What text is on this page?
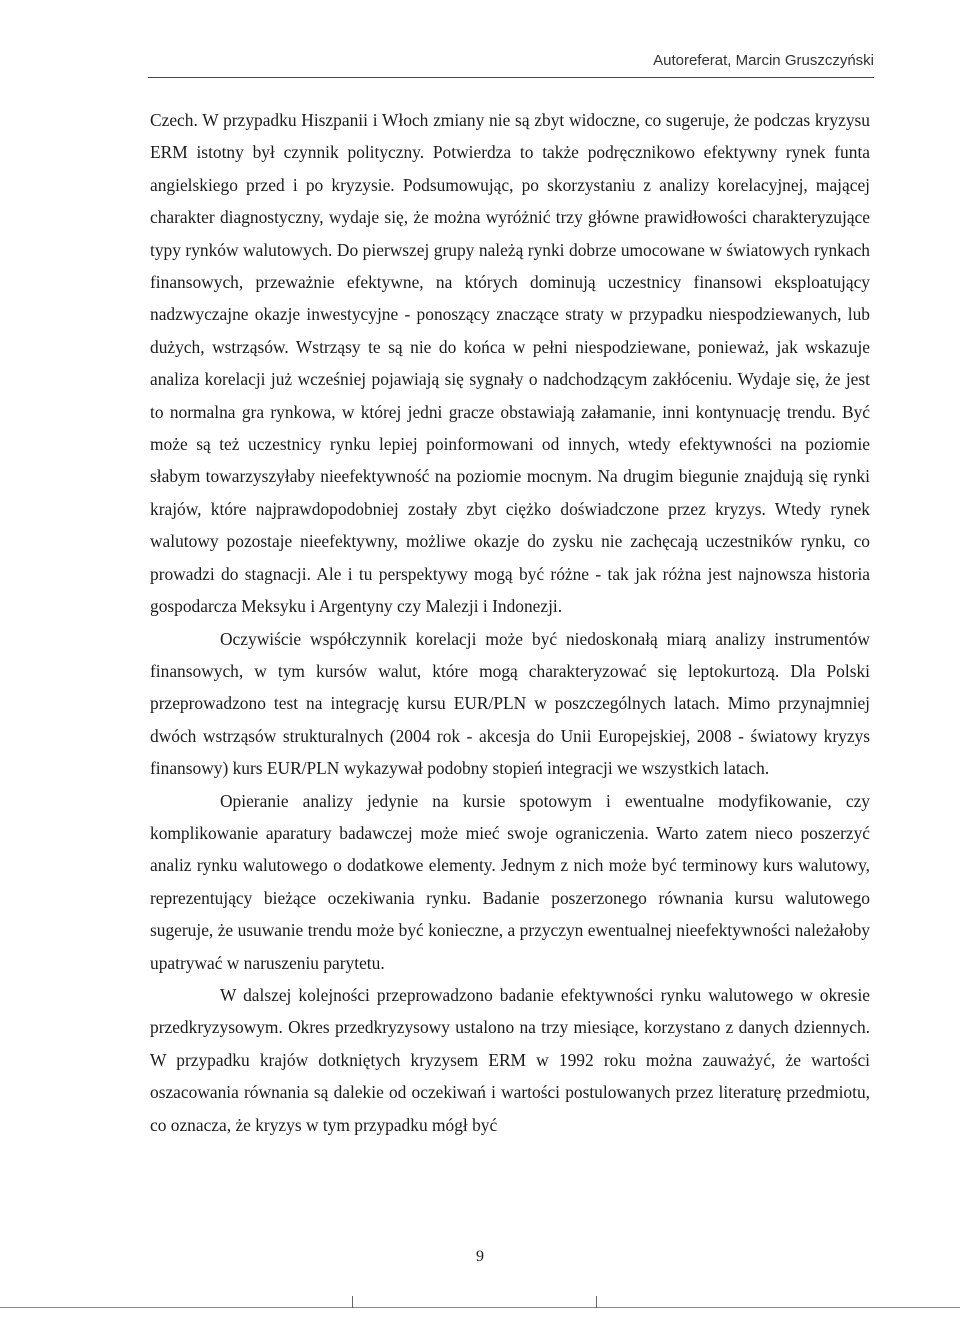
Autoreferat, Marcin Gruszczyński

Czech. W przypadku Hiszpanii i Włoch zmiany nie są zbyt widoczne, co sugeruje, że podczas kryzysu ERM istotny był czynnik polityczny. Potwierdza to także podręcznikowo efektywny rynek funta angielskiego przed i po kryzysie. Podsumowując, po skorzystaniu z analizy korelacyjnej, mającej charakter diagnostyczny, wydaje się, że można wyróżnić trzy główne prawidłowości charakteryzujące typy rynków walutowych. Do pierwszej grupy należą rynki dobrze umocowane w światowych rynkach finansowych, przeważnie efektywne, na których dominują uczestnicy finansowi eksploatujący nadzwyczajne okazje inwestycyjne - ponoszący znaczące straty w przypadku niespodziewanych, lub dużych, wstrząsów. Wstrząsy te są nie do końca w pełni niespodziewane, ponieważ, jak wskazuje analiza korelacji już wcześniej pojawiają się sygnały o nadchodzącym zakłóceniu. Wydaje się, że jest to normalna gra rynkowa, w której jedni gracze obstawiają załamanie, inni kontynuację trendu. Być może są też uczestnicy rynku lepiej poinformowani od innych, wtedy efektywności na poziomie słabym towarzyszyłaby nieefektywność na poziomie mocnym. Na drugim biegunie znajdują się rynki krajów, które najprawdopodobniej zostały zbyt ciężko doświadczone przez kryzys. Wtedy rynek walutowy pozostaje nieefektywny, możliwe okazje do zysku nie zachęcają uczestników rynku, co prowadzi do stagnacji. Ale i tu perspektywy mogą być różne - tak jak różna jest najnowsza historia gospodarcza Meksyku i Argentyny czy Malezji i Indonezji.

Oczywiście współczynnik korelacji może być niedoskonałą miarą analizy instrumentów finansowych, w tym kursów walut, które mogą charakteryzować się leptokurtozą. Dla Polski przeprowadzono test na integrację kursu EUR/PLN w poszczególnych latach. Mimo przynajmniej dwóch wstrząsów strukturalnych (2004 rok - akcesja do Unii Europejskiej, 2008 - światowy kryzys finansowy) kurs EUR/PLN wykazywał podobny stopień integracji we wszystkich latach.

Opieranie analizy jedynie na kursie spotowym i ewentualne modyfikowanie, czy komplikowanie aparatury badawczej może mieć swoje ograniczenia. Warto zatem nieco poszerzyć analiz rynku walutowego o dodatkowe elementy. Jednym z nich może być terminowy kurs walutowy, reprezentujący bieżące oczekiwania rynku. Badanie poszerzonego równania kursu walutowego sugeruje, że usuwanie trendu może być konieczne, a przyczyn ewentualnej nieefektywności należałoby upatrywać w naruszeniu parytetu.

W dalszej kolejności przeprowadzono badanie efektywności rynku walutowego w okresie przedkryzysowym. Okres przedkryzysowy ustalono na trzy miesiące, korzystano z danych dziennych. W przypadku krajów dotkniętych kryzysem ERM w 1992 roku można zauważyć, że wartości oszacowania równania są dalekie od oczekiwań i wartości postulowanych przez literaturę przedmiotu, co oznacza, że kryzys w tym przypadku mógł być

9
